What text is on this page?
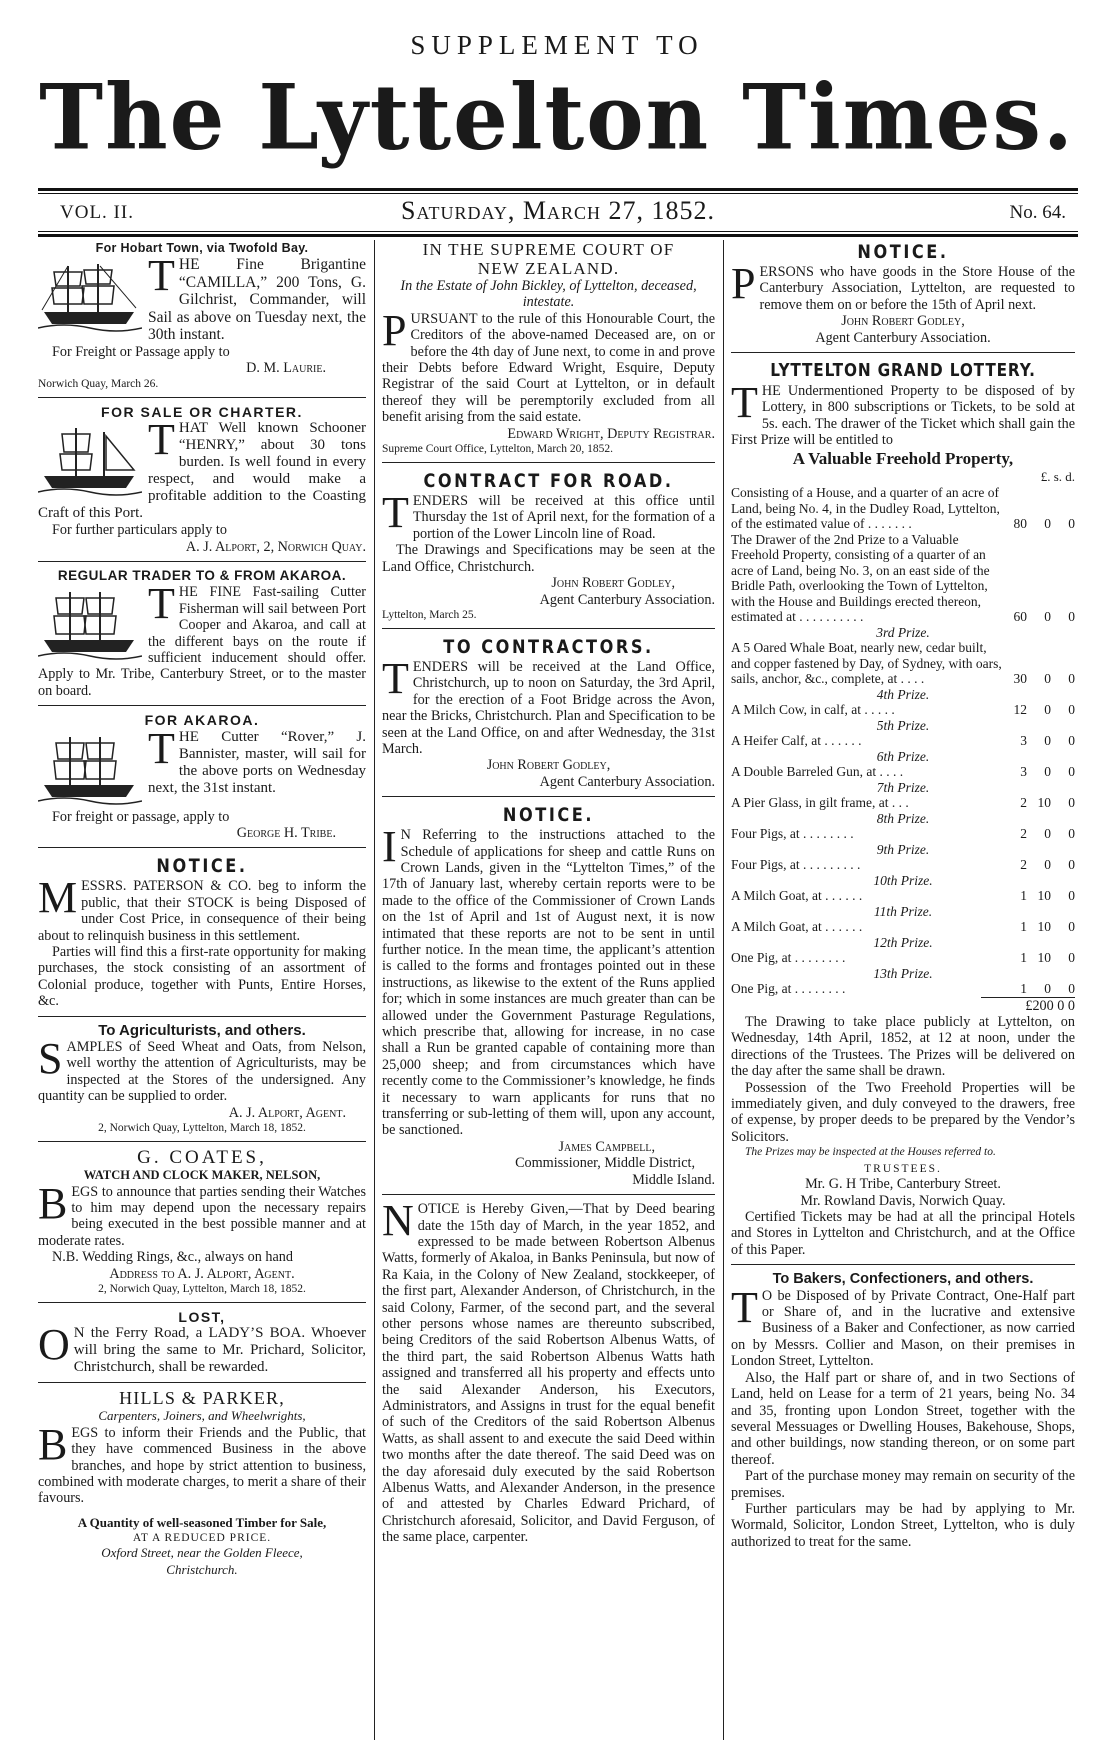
SUPPLEMENT TO
The Lyttelton Times.
VOL. II.	Saturday, March 27, 1852.	No. 64.
For Hobart Town, via Twofold Bay.

THE Fine Brigantine “CAMILLA,” 200 Tons, G. Gilchrist, Commander, will Sail as above on Tuesday next, the 30th instant.

For Freight or Passage apply to

D. M. Laurie.

Norwich Quay, March 26.

FOR SALE OR CHARTER.

THAT Well known Schooner “HENRY,” about 30 tons burden. Is well found in every respect, and would make a profitable addition to the Coasting Craft of this Port.

For further particulars apply to

A. J. Alport, 2, Norwich Quay.

REGULAR TRADER TO & FROM AKAROA.

THE FINE Fast-sailing Cutter Fisherman will sail between Port Cooper and Akaroa, and call at the different bays on the route if sufficient inducement should offer. Apply to Mr. Tribe, Canterbury Street, or to the master on board.

FOR AKAROA.

THE Cutter “Rover,” J. Bannister, master, will sail for the above ports on Wednesday next, the 31st instant.

For freight or passage, apply to

George H. Tribe.

NOTICE.

MESSRS. PATERSON & CO. beg to inform the public, that their STOCK is being Disposed of under Cost Price, in consequence of their being about to relinquish business in this settlement.

Parties will find this a first-rate opportunity for making purchases, the stock consisting of an assortment of Colonial produce, together with Punts, Entire Horses, &c.

To Agriculturists, and others.

SAMPLES of Seed Wheat and Oats, from Nelson, well worthy the attention of Agriculturists, may be inspected at the Stores of the undersigned. Any quantity can be supplied to order.

A. J. Alport, Agent.

2, Norwich Quay, Lyttelton, March 18, 1852.

G. COATES,
WATCH AND CLOCK MAKER, NELSON,

BEGS to announce that parties sending their Watches to him may depend upon the necessary repairs being executed in the best possible manner and at moderate rates.

N.B. Wedding Rings, &c., always on hand

Address to A. J. Alport, Agent.

2, Norwich Quay, Lyttelton, March 18, 1852.

LOST,

O N the Ferry Road, a LADY’S BOA. Whoever will bring the same to Mr. Prichard, Solicitor, Christchurch, shall be rewarded.

HILLS & PARKER,
Carpenters, Joiners, and Wheelwrights,

BEGS to inform their Friends and the Public, that they have commenced Business in the above branches, and hope by strict attention to business, combined with moderate charges, to merit a share of their favours.

A Quantity of well-seasoned Timber for Sale,
AT A REDUCED PRICE.
Oxford Street, near the Golden Fleece,
Christchurch.
IN THE SUPREME COURT OF
NEW ZEALAND.

In the Estate of John Bickley, of Lyttelton, deceased, intestate.

PURSUANT to the rule of this Honourable Court, the Creditors of the above-named Deceased are, on or before the 4th day of June next, to come in and prove their Debts before Edward Wright, Esquire, Deputy Registrar of the said Court at Lyttelton, or in default thereof they will be peremptorily excluded from all benefit arising from the said estate.

Edward Wright, Deputy Registrar.

Supreme Court Office, Lyttelton, March 20, 1852.

CONTRACT FOR ROAD.

TENDERS will be received at this office until Thursday the 1st of April next, for the formation of a portion of the Lower Lincoln line of Road.

The Drawings and Specifications may be seen at the Land Office, Christchurch.

John Robert Godley,

Agent Canterbury Association.

Lyttelton, March 25.

TO CONTRACTORS.

TENDERS will be received at the Land Office, Christchurch, up to noon on Saturday, the 3rd April, for the erection of a Foot Bridge across the Avon, near the Bricks, Christchurch. Plan and Specification to be seen at the Land Office, on and after Wednesday, the 31st March.

John Robert Godley,

Agent Canterbury Association.

NOTICE.

I N Referring to the instructions attached to the Schedule of applications for sheep and cattle Runs on Crown Lands, given in the “Lyttelton Times,” of the 17th of January last, whereby certain reports were to be made to the office of the Commissioner of Crown Lands on the 1st of April and 1st of August next, it is now intimated that these reports are not to be sent in until further notice. In the mean time, the applicant’s attention is called to the forms and frontages pointed out in these instructions, as likewise to the extent of the Runs applied for; which in some instances are much greater than can be allowed under the Government Pasturage Regulations, which prescribe that, allowing for increase, in no case shall a Run be granted capable of containing more than 25,000 sheep; and from circumstances which have recently come to the Commissioner’s knowledge, he finds it necessary to warn applicants for runs that no transferring or sub-letting of them will, upon any account, be sanctioned.

James Campbell,

Commissioner, Middle District,

Middle Island.

NOTICE is Hereby Given,—That by Deed bearing date the 15th day of March, in the year 1852, and expressed to be made between Robertson Albenus Watts, formerly of Akaloa, in Banks Peninsula, but now of Ra Kaia, in the Colony of New Zealand, stockkeeper, of the first part, Alexander Anderson, of Christchurch, in the said Colony, Farmer, of the second part, and the several other persons whose names are thereunto subscribed, being Creditors of the said Robertson Albenus Watts, of the third part, the said Robertson Albenus Watts hath assigned and transferred all his property and effects unto the said Alexander Anderson, his Executors, Administrators, and Assigns in trust for the equal benefit of such of the Creditors of the said Robertson Albenus Watts, as shall assent to and execute the said Deed within two months after the date thereof. The said Deed was on the day aforesaid duly executed by the said Robertson Albenus Watts, and Alexander Anderson, in the presence of and attested by Charles Edward Prichard, of Christchurch aforesaid, Solicitor, and David Ferguson, of the same place, carpenter.

NOTICE.

PERSONS who have goods in the Store House of the Canterbury Association, Lyttelton, are requested to remove them on or before the 15th of April next.

John Robert Godley,

Agent Canterbury Association.

LYTTELTON GRAND LOTTERY.

THE Undermentioned Property to be disposed of by Lottery, in 800 subscriptions or Tickets, to be sold at 5s. each. The drawer of the Ticket which shall gain the First Prize will be entitled to

A Valuable Freehold Property,
£. s. d.
Consisting of a House, and a quarter of an acre of Land, being No. 4, in the Dudley Road, Lyttelton, of the estimated value of . . . . . . .	80	0	0
The Drawer of the 2nd Prize to a Valuable Freehold Property, consisting of a quarter of an acre of Land, being No. 3, on an east side of the Bridle Path, overlooking the Town of Lyttelton, with the House and Buildings erected thereon, estimated at . . . . . . . . . .	60	0	0
3rd Prize.			
A 5 Oared Whale Boat, nearly new, cedar built, and copper fastened by Day, of Sydney, with oars, sails, anchor, &c., complete, at . . . .	30	0	0
4th Prize.			
A Milch Cow, in calf, at . . . . .	12	0	0
5th Prize.			
A Heifer Calf, at . . . . . .	3	0	0
6th Prize.			
A Double Barreled Gun, at . . . .	3	0	0
7th Prize.			
A Pier Glass, in gilt frame, at . . .	2	10	0
8th Prize.			
Four Pigs, at . . . . . . . .	2	0	0
9th Prize.			
Four Pigs, at . . . . . . . . .	2	0	0
10th Prize.			
A Milch Goat, at . . . . . .	1	10	0
11th Prize.			
A Milch Goat, at . . . . . .	1	10	0
12th Prize.			
One Pig, at . . . . . . . .	1	10	0
13th Prize.			
One Pig, at . . . . . . . .	1	0	0
£200 0 0

The Drawing to take place publicly at Lyttelton, on Wednesday, 14th April, 1852, at 12 at noon, under the directions of the Trustees. The Prizes will be delivered on the day after the same shall be drawn.

Possession of the Two Freehold Properties will be immediately given, and duly conveyed to the drawers, free of expense, by proper deeds to be prepared by the Vendor’s Solicitors.

The Prizes may be inspected at the Houses referred to.

TRUSTEES.

Mr. G. H Tribe, Canterbury Street.

Mr. Rowland Davis, Norwich Quay.

Certified Tickets may be had at all the principal Hotels and Stores in Lyttelton and Christchurch, and at the Office of this Paper.

To Bakers, Confectioners, and others.

T O be Disposed of by Private Contract, One-Half part or Share of, and in the lucrative and extensive Business of a Baker and Confectioner, as now carried on by Messrs. Collier and Mason, on their premises in London Street, Lyttelton.

Also, the Half part or share of, and in two Sections of Land, held on Lease for a term of 21 years, being No. 34 and 35, fronting upon London Street, together with the several Messuages or Dwelling Houses, Bakehouse, Shops, and other buildings, now standing thereon, or on some part thereof.

Part of the purchase money may remain on security of the premises.

Further particulars may be had by applying to Mr. Wormald, Solicitor, London Street, Lyttelton, who is duly authorized to treat for the same.
